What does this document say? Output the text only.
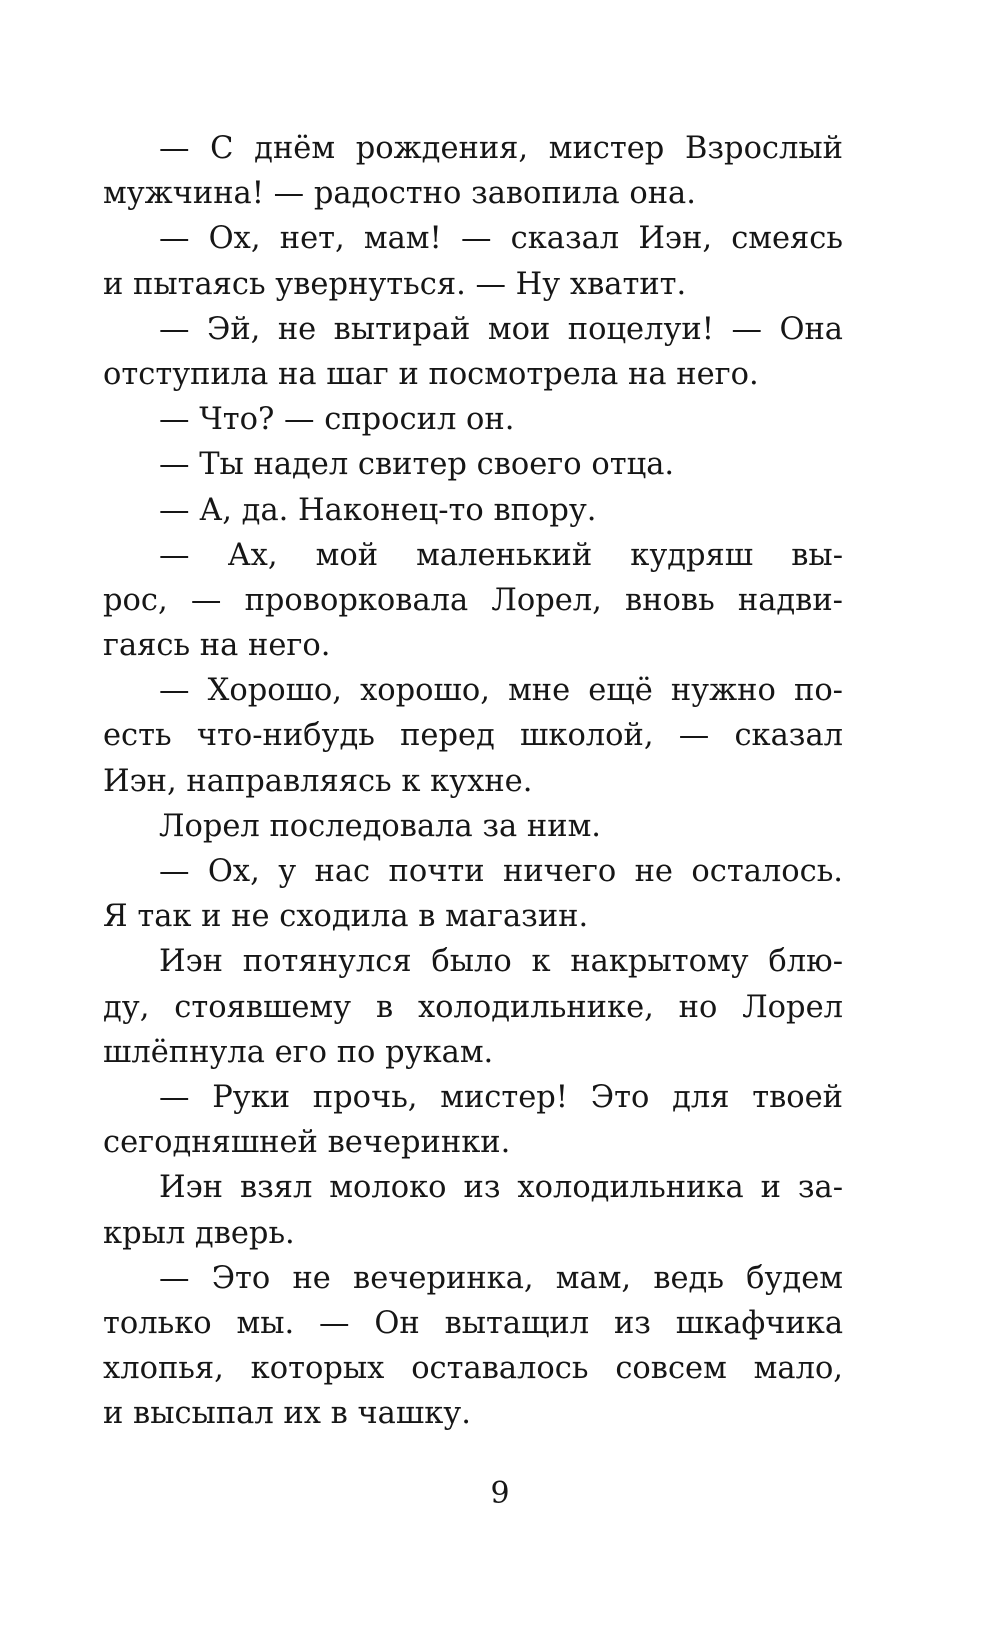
— С днём рождения, мистер Взрослый
мужчина! — радостно завопила она.
— Ох, нет, мам! — сказал Иэн, смеясь
и пытаясь увернуться. — Ну хватит.
— Эй, не вытирай мои поцелуи! — Она
отступила на шаг и посмотрела на него.
— Что? — спросил он.
— Ты надел свитер своего отца.
— А, да. Наконец-то впору.
— Ах, мой маленький кудряш вы-
рос, — проворковала Лорел, вновь надви-
гаясь на него.
— Хорошо, хорошо, мне ещё нужно по-
есть что-нибудь перед школой, — сказал
Иэн, направляясь к кухне.
Лорел последовала за ним.
— Ох, у нас почти ничего не осталось.
Я так и не сходила в магазин.
Иэн потянулся было к накрытому блю-
ду, стоявшему в холодильнике, но Лорел
шлёпнула его по рукам.
— Руки прочь, мистер! Это для твоей
сегодняшней вечеринки.
Иэн взял молоко из холодильника и за-
крыл дверь.
— Это не вечеринка, мам, ведь будем
только мы. — Он вытащил из шкафчика
хлопья, которых оставалось совсем мало,
и высыпал их в чашку.
9
